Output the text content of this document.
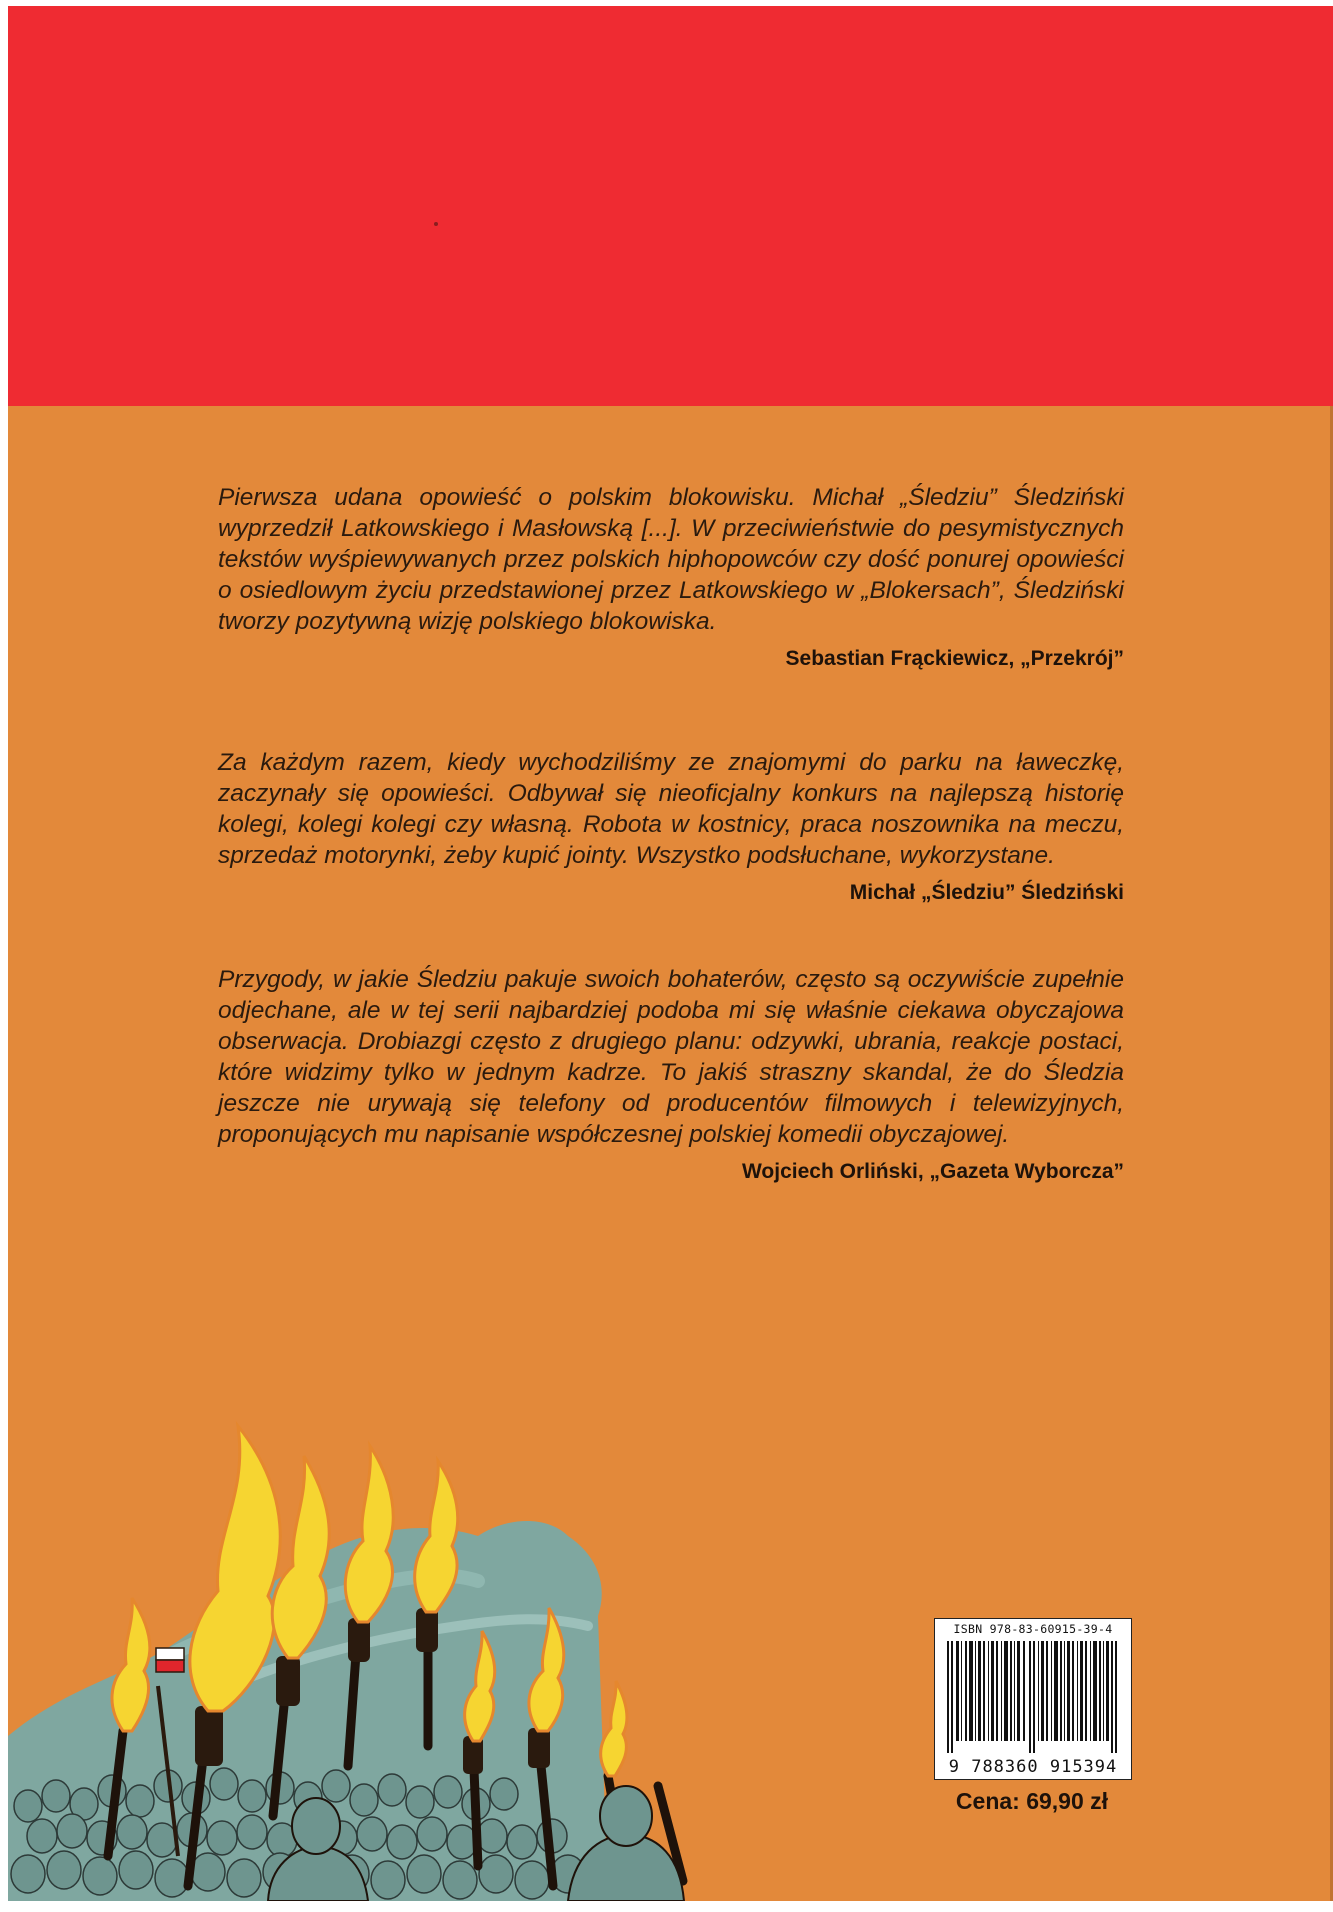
Pierwsza udana opowieść o polskim blokowisku. Michał „Śledziu” Śledziński wyprzedził Latkowskiego i Masłowską [...]. W przeciwieństwie do pesymistycznych tekstów wyśpiewywanych przez polskich hiphopowców czy dość ponurej opowieści o osiedlowym życiu przedstawionej przez Latkowskiego w „Blokersach”, Śledziński tworzy pozytywną wizję polskiego blokowiska.

Sebastian Frąckiewicz, „Przekrój”

Za każdym razem, kiedy wychodziliśmy ze znajomymi do parku na ławeczkę, zaczynały się opowieści. Odbywał się nieoficjalny konkurs na najlepszą historię kolegi, kolegi kolegi czy własną. Robota w kostnicy, praca noszownika na meczu, sprzedaż motorynki, żeby kupić jointy. Wszystko podsłuchane, wykorzystane.

Michał „Śledziu” Śledziński

Przygody, w jakie Śledziu pakuje swoich bohaterów, często są oczywiście zupełnie odjechane, ale w tej serii najbardziej podoba mi się właśnie ciekawa obyczajowa obserwacja. Drobiazgi często z drugiego planu: odzywki, ubrania, reakcje postaci, które widzimy tylko w jednym kadrze. To jakiś straszny skandal, że do Śledzia jeszcze nie urywają się telefony od producentów filmowych i telewizyjnych, proponujących mu napisanie współczesnej polskiej komedii obyczajowej.

Wojciech Orliński, „Gazeta Wyborcza”

ISBN 978-83-60915-39-4
9 788360 915394
Cena: 69,90 zł
